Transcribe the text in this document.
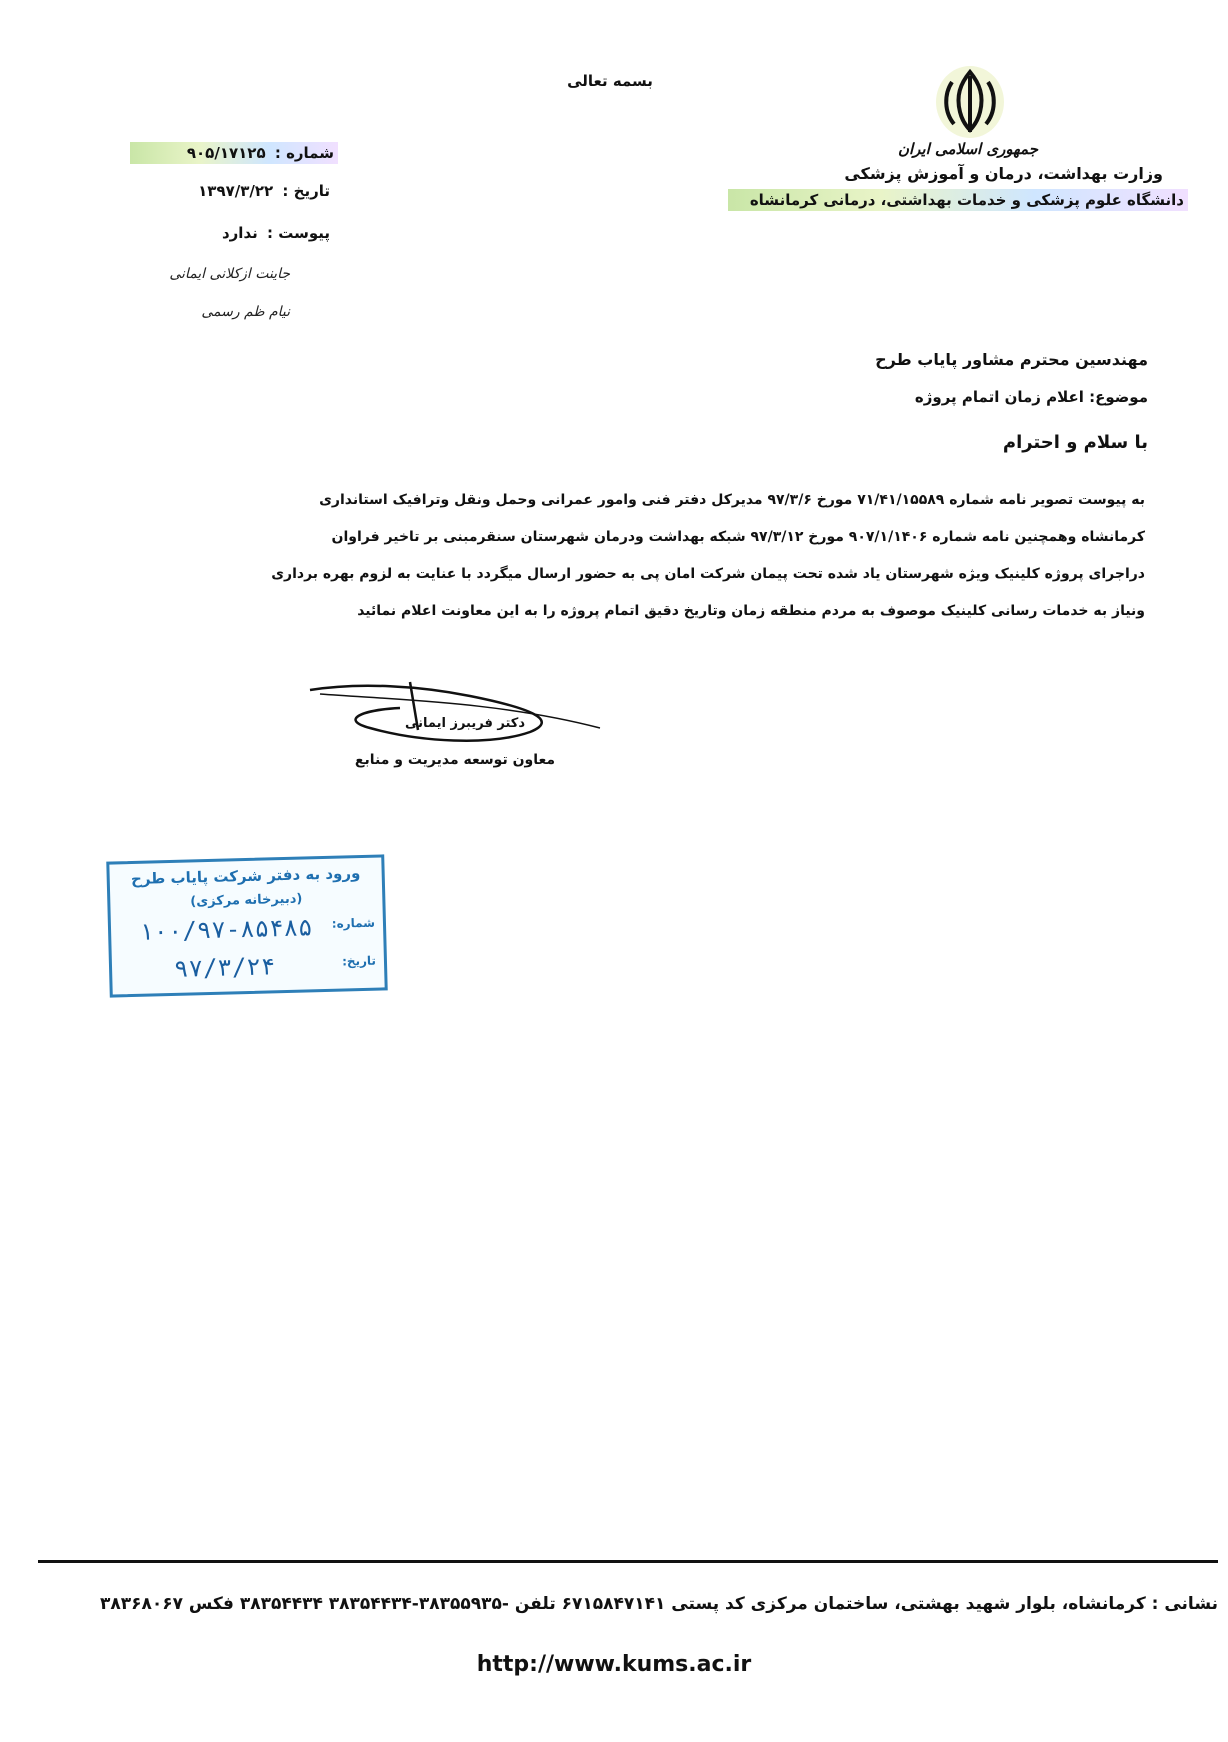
بسمه تعالی
جمهوری اسلامی ایران
وزارت بهداشت، درمان و آموزش پزشکی
دانشگاه علوم پزشکی و خدمات بهداشتی، درمانی کرمانشاه
شماره : ۹۰۵/۱۷۱۲۵
تاریخ : ۱۳۹۷/۳/۲۲
پیوست : ندارد
جاینت ازکلانی ایمانی
نیام ظم رسمی
مهندسین محترم مشاور پایاب طرح
موضوع: اعلام زمان اتمام پروژه
با سلام و احترام
به پیوست تصویر نامه شماره ۷۱/۴۱/۱۵۵۸۹ مورخ ۹۷/۳/۶ مدیرکل دفتر فنی وامور عمرانی وحمل ونقل وترافیک استانداری
کرمانشاه وهمچنین نامه شماره ۹۰۷/۱/۱۴۰۶ مورخ ۹۷/۳/۱۲ شبکه بهداشت ودرمان شهرستان سنقرمبنی بر تاخیر فراوان
دراجرای پروژه کلینیک ویژه شهرستان یاد شده تحت پیمان شرکت امان پی به حضور ارسال میگردد با عنایت به لزوم بهره برداری
ونیاز به خدمات رسانی کلینیک موصوف به مردم منطقه زمان وتاریخ دقیق اتمام پروژه را به این معاونت اعلام نمائید
دکتر فریبرز ایمانی
معاون توسعه مدیریت و منابع
ورود به دفتر شرکت پایاب طرح
(دبیرخانه مرکزی)
شماره:
۱۰۰/۹۷-۸۵۴۸۵
تاریخ:
۹۷/۳/۲۴
نشانی : کرمانشاه، بلوار شهید بهشتی، ساختمان مرکزی کد پستی ۶۷۱۵۸۴۷۱۴۱ تلفن -۳۸۳۵۵۹۳۵-۳۸۳۵۴۴۳۴ ۳۸۳۵۴۴۳۴ فکس ۳۸۳۶۸۰۶۷
http://www.kums.ac.ir
